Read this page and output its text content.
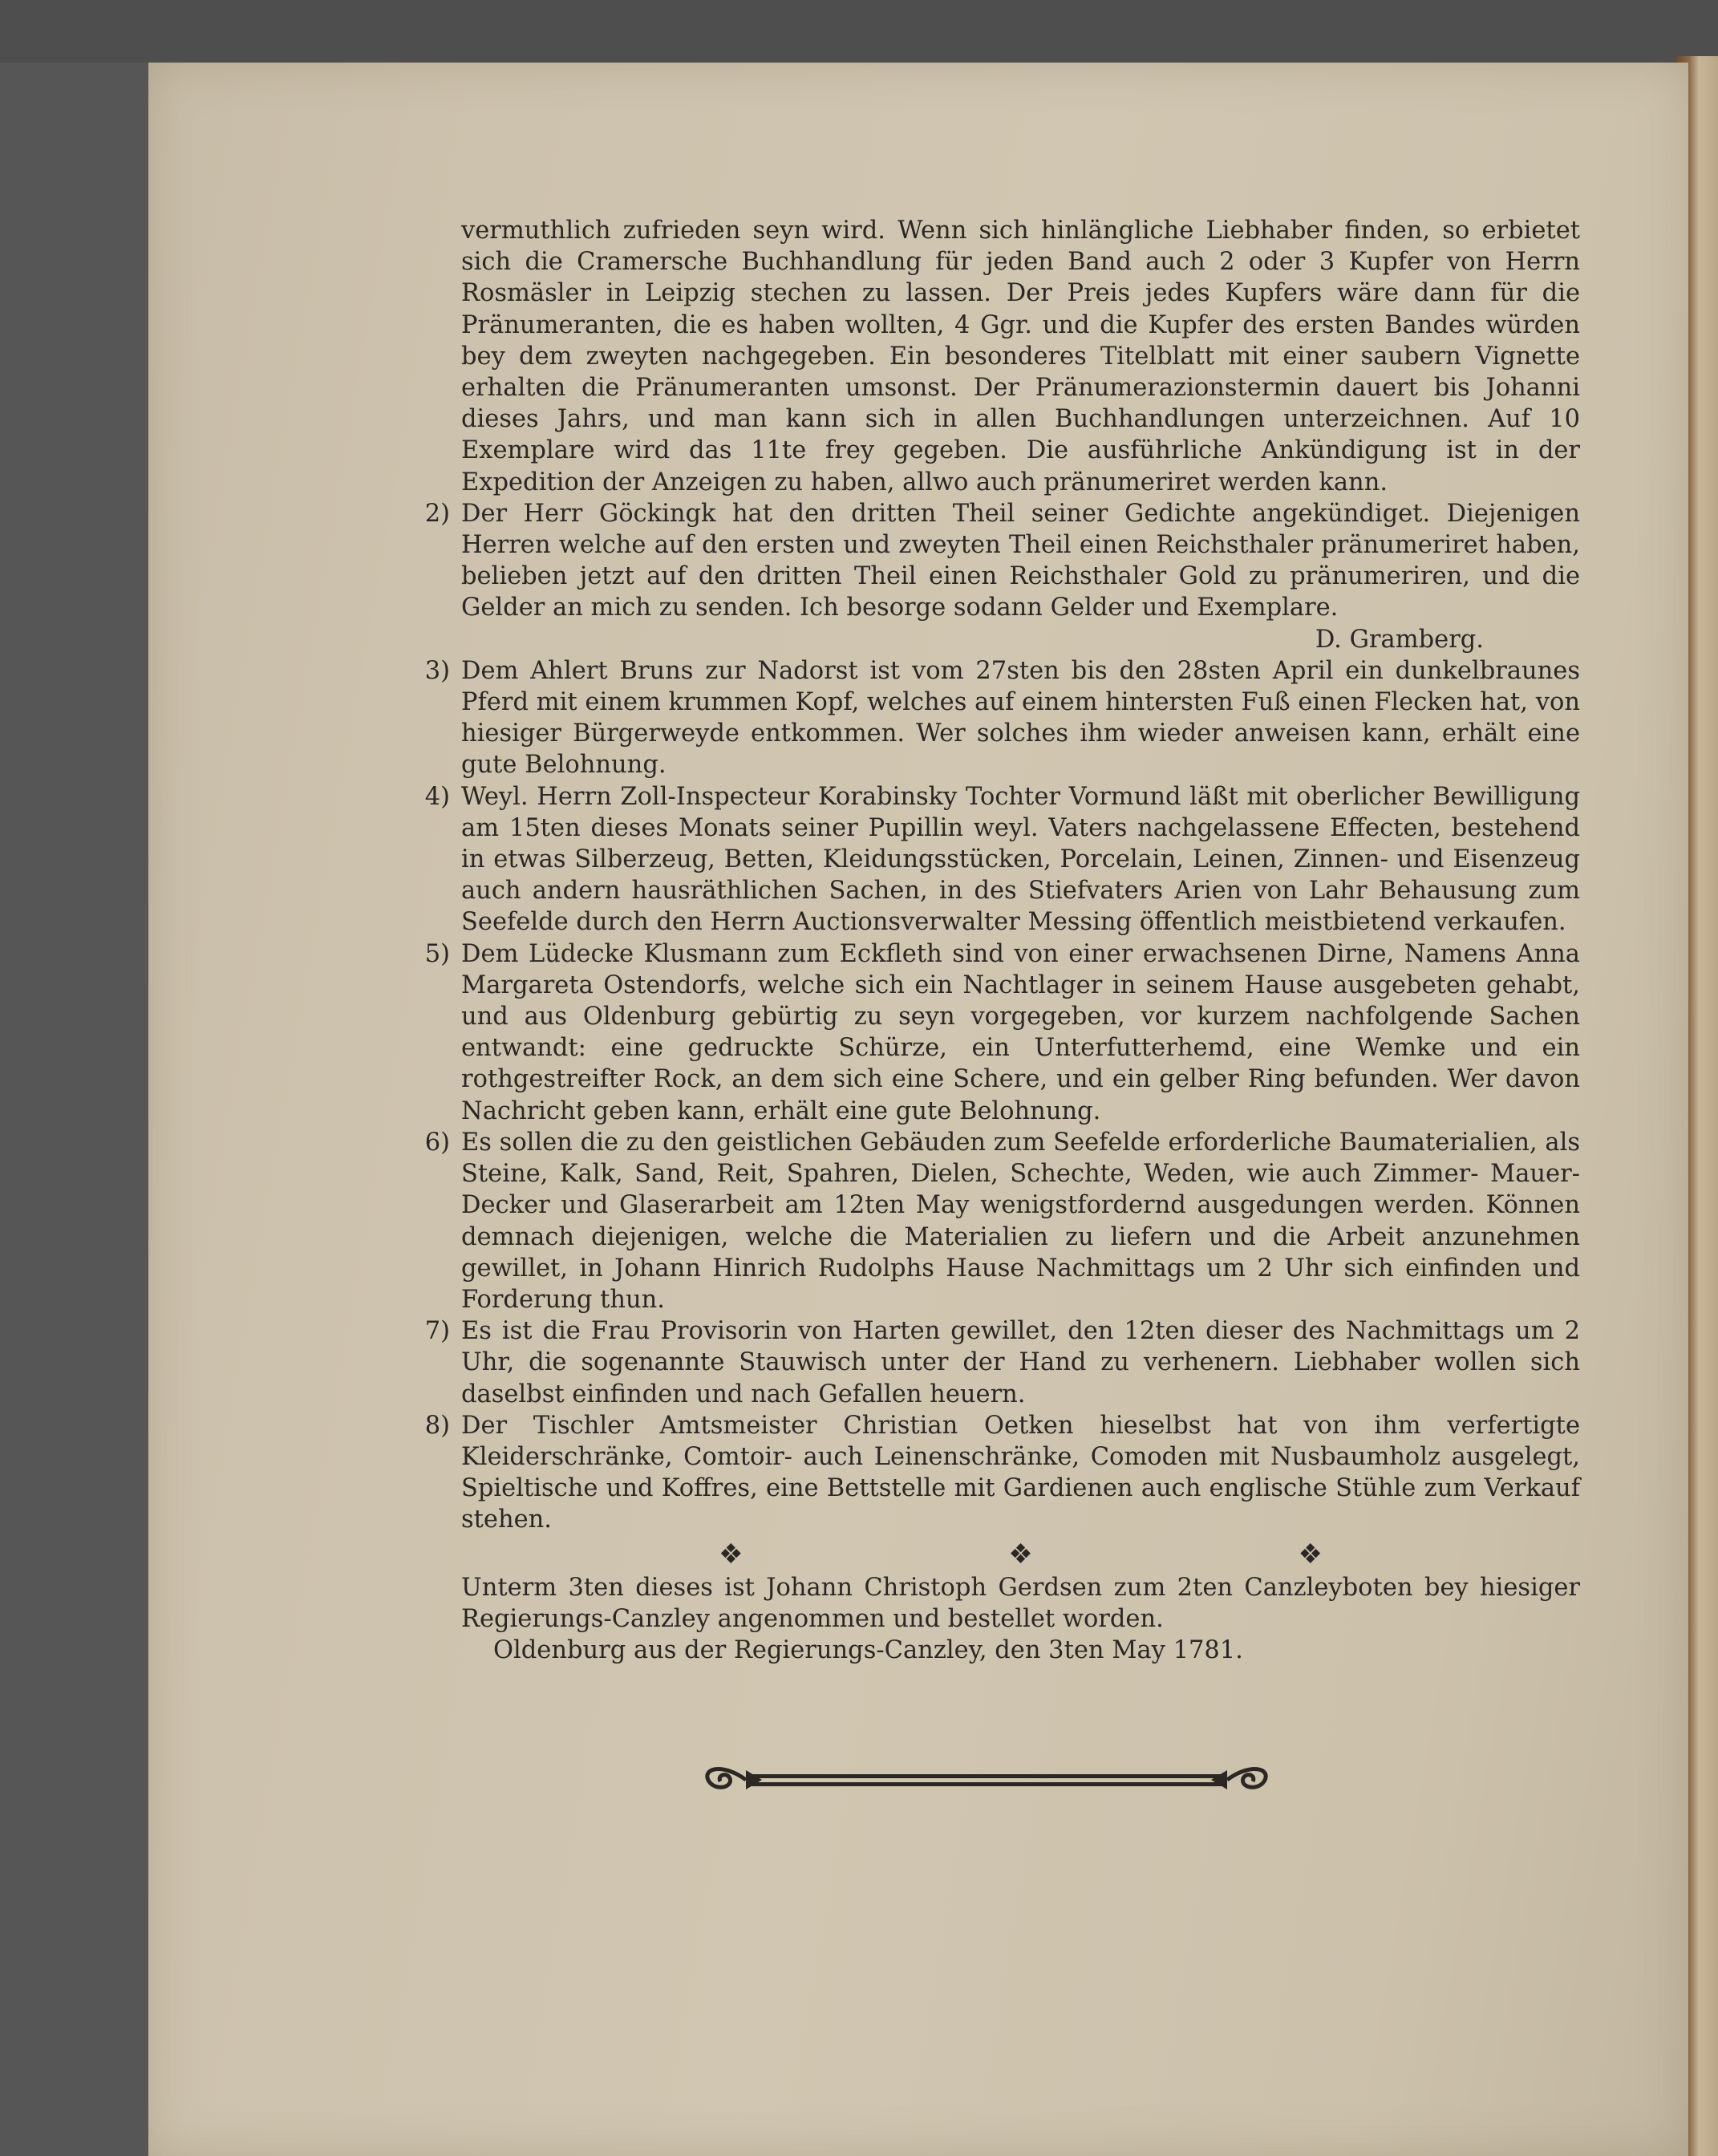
vermuthlich zufrieden seyn wird. Wenn sich hinlängliche Liebhaber finden, so erbietet sich die Cramersche Buchhandlung für jeden Band auch 2 oder 3 Kupfer von Herrn Rosmäsler in Leipzig stechen zu lassen. Der Preis jedes Kupfers wäre dann für die Pränumeranten, die es haben wollten, 4 Ggr. und die Kupfer des ersten Bandes würden bey dem zweyten nachgegeben. Ein besonderes Titelblatt mit einer saubern Vignette erhalten die Pränumeranten umsonst. Der Pränumerazionstermin dauert bis Johanni dieses Jahrs, und man kann sich in allen Buchhandlungen unterzeichnen. Auf 10 Exemplare wird das 11te frey gegeben. Die ausführliche Ankündigung ist in der Expedition der Anzeigen zu haben, allwo auch pränumeriret werden kann.

2) Der Herr Göckingk hat den dritten Theil seiner Gedichte angekündiget. Diejenigen Herren welche auf den ersten und zweyten Theil einen Reichsthaler pränumeriret haben, belieben jetzt auf den dritten Theil einen Reichsthaler Gold zu pränumeriren, und die Gelder an mich zu senden. Ich besorge sodann Gelder und Exemplare.

D. Gramberg.

3) Dem Ahlert Bruns zur Nadorst ist vom 27sten bis den 28sten April ein dunkelbraunes Pferd mit einem krummen Kopf, welches auf einem hintersten Fuß einen Flecken hat, von hiesiger Bürgerweyde entkommen. Wer solches ihm wieder anweisen kann, erhält eine gute Belohnung.

4) Weyl. Herrn Zoll-Inspecteur Korabinsky Tochter Vormund läßt mit oberlicher Bewilligung am 15ten dieses Monats seiner Pupillin weyl. Vaters nachgelassene Effecten, bestehend in etwas Silberzeug, Betten, Kleidungsstücken, Porcelain, Leinen, Zinnen- und Eisenzeug auch andern hausräthlichen Sachen, in des Stiefvaters Arien von Lahr Behausung zum Seefelde durch den Herrn Auctionsverwalter Messing öffentlich meistbietend verkaufen.

5) Dem Lüdecke Klusmann zum Eckfleth sind von einer erwachsenen Dirne, Namens Anna Margareta Ostendorfs, welche sich ein Nachtlager in seinem Hause ausgebeten gehabt, und aus Oldenburg gebürtig zu seyn vorgegeben, vor kurzem nachfolgende Sachen entwandt: eine gedruckte Schürze, ein Unterfutterhemd, eine Wemke und ein rothgestreifter Rock, an dem sich eine Schere, und ein gelber Ring befunden. Wer davon Nachricht geben kann, erhält eine gute Belohnung.

6) Es sollen die zu den geistlichen Gebäuden zum Seefelde erforderliche Baumaterialien, als Steine, Kalk, Sand, Reit, Spahren, Dielen, Schechte, Weden, wie auch Zimmer- Mauer- Decker und Glaserarbeit am 12ten May wenigstfordernd ausgedungen werden. Können demnach diejenigen, welche die Materialien zu liefern und die Arbeit anzunehmen gewillet, in Johann Hinrich Rudolphs Hause Nachmittags um 2 Uhr sich einfinden und Forderung thun.

7) Es ist die Frau Provisorin von Harten gewillet, den 12ten dieser des Nachmittags um 2 Uhr, die sogenannte Stauwisch unter der Hand zu verhenern. Liebhaber wollen sich daselbst einfinden und nach Gefallen heuern.

8) Der Tischler Amtsmeister Christian Oetken hieselbst hat von ihm verfertigte Kleiderschränke, Comtoir- auch Leinenschränke, Comoden mit Nusbaumholz ausgelegt, Spieltische und Koffres, eine Bettstelle mit Gardienen auch englische Stühle zum Verkauf stehen.

❖ ❖ ❖

Unterm 3ten dieses ist Johann Christoph Gerdsen zum 2ten Canzleyboten bey hiesiger Regierungs-Canzley angenommen und bestellet worden.

Oldenburg aus der Regierungs-Canzley, den 3ten May 1781.
